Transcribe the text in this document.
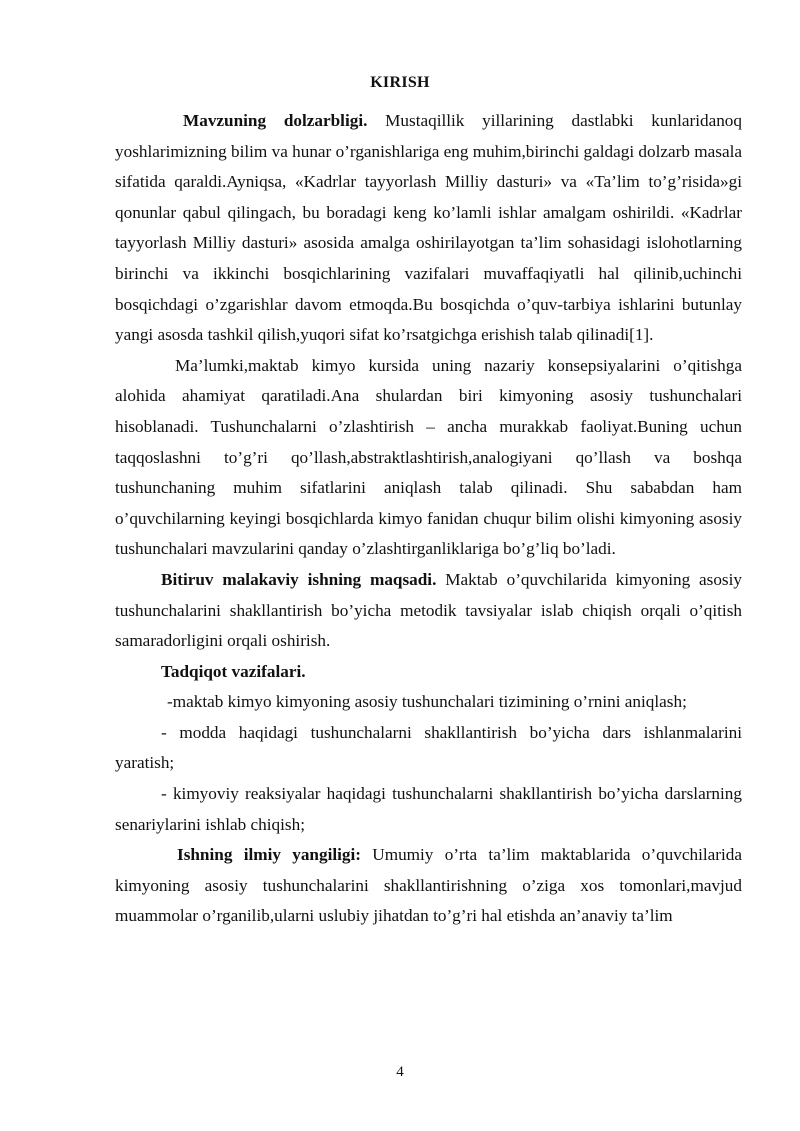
KIRISH

Mavzuning dolzarbligi. Mustaqillik yillarining dastlabki kunlaridanoq yoshlarimizning bilim va hunar o’rganishlariga eng muhim,birinchi galdagi dolzarb masala sifatida qaraldi.Ayniqsa, «Kadrlar tayyorlash Milliy dasturi» va «Ta’lim to’g’risida»gi qonunlar qabul qilingach, bu boradagi keng ko’lamli ishlar amalgam oshirildi. «Kadrlar tayyorlash Milliy dasturi» asosida amalga oshirilayotgan ta’lim sohasidagi islohotlarning birinchi va ikkinchi bosqichlarining vazifalari muvaffaqiyatli hal qilinib,uchinchi bosqichdagi o’zgarishlar davom etmoqda.Bu bosqichda o’quv-tarbiya ishlarini butunlay yangi asosda tashkil qilish,yuqori sifat ko’rsatgichga erishish talab qilinadi[1].

Ma’lumki,maktab kimyo kursida uning nazariy konsepsiyalarini o’qitishga alohida ahamiyat qaratiladi.Ana shulardan biri kimyoning asosiy tushunchalari hisoblanadi. Tushunchalarni o’zlashtirish – ancha murakkab faoliyat.Buning uchun taqqoslashni to’g’ri qo’llash,abstraktlashtirish,analogiyani qo’llash va boshqa tushunchaning muhim sifatlarini aniqlash talab qilinadi. Shu sababdan ham o’quvchilarning keyingi bosqichlarda kimyo fanidan chuqur bilim olishi kimyoning asosiy tushunchalari mavzularini qanday o’zlashtirganliklariga bo’g’liq bo’ladi.

Bitiruv malakaviy ishning maqsadi. Maktab o’quvchilarida kimyoning asosiy tushunchalarini shakllantirish bo’yicha metodik tavsiyalar islab chiqish orqali o’qitish samaradorligini orqali oshirish.

Tadqiqot vazifalari.

-maktab kimyo kimyoning asosiy tushunchalari tizimining o’rnini aniqlash;

- modda haqidagi tushunchalarni shakllantirish bo’yicha dars ishlanmalarini yaratish;

- kimyoviy reaksiyalar haqidagi tushunchalarni shakllantirish bo’yicha darslarning senariylarini ishlab chiqish;

Ishning ilmiy yangiligi: Umumiy o’rta ta’lim maktablarida o’quvchilarida kimyoning asosiy tushunchalarini shakllantirishning o’ziga xos tomonlari,mavjud muammolar o’rganilib,ularni uslubiy jihatdan to’g’ri hal etishda an’anaviy ta’lim

4
